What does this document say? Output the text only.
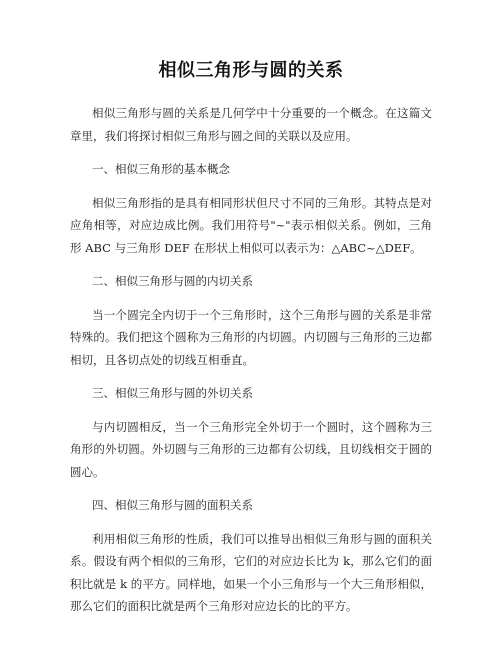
相似三角形与圆的关系

相似三角形与圆的关系是几何学中十分重要的一个概念。在这篇文章里，我们将探讨相似三角形与圆之间的关联以及应用。

一、相似三角形的基本概念

相似三角形指的是具有相同形状但尺寸不同的三角形。其特点是对应角相等，对应边成比例。我们用符号"~"表示相似关系。例如，三角形 ABC 与三角形 DEF 在形状上相似可以表示为：△ABC~△DEF。

二、相似三角形与圆的内切关系

当一个圆完全内切于一个三角形时，这个三角形与圆的关系是非常特殊的。我们把这个圆称为三角形的内切圆。内切圆与三角形的三边都相切，且各切点处的切线互相垂直。

三、相似三角形与圆的外切关系

与内切圆相反，当一个三角形完全外切于一个圆时，这个圆称为三角形的外切圆。外切圆与三角形的三边都有公切线，且切线相交于圆的圆心。

四、相似三角形与圆的面积关系

利用相似三角形的性质，我们可以推导出相似三角形与圆的面积关系。假设有两个相似的三角形，它们的对应边长比为 k，那么它们的面积比就是 k 的平方。同样地，如果一个小三角形与一个大三角形相似，那么它们的面积比就是两个三角形对应边长的比的平方。
